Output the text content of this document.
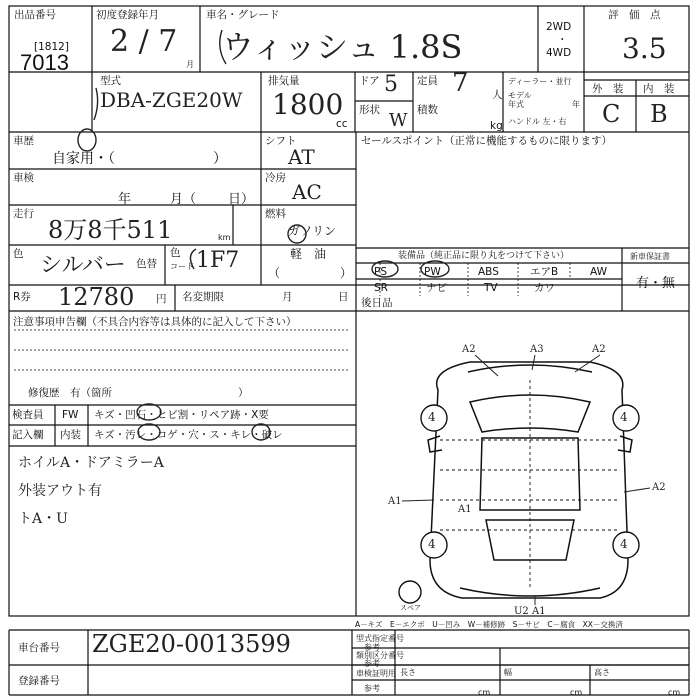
出品番号
[1812]
7013
初度登録年月
2 / 7
月
車名・グレード
ウィッシュ 1.8S
2WD
・
4WD
評　価　点
3.5
型式
DBA-ZGE20W
排気量
1800
cc
ドア 5 定員 7 人
形状 W 積数
kg
ディーラー・並行
モデル
年式	年
ハンドル 左・右
外　装 内　装
C B
車歴
自家用・（　　　　　　　）
シフト
AT
セールスポイント（正常に機能するものに限ります）
車検
年	月（ 日）
冷房
AC
走行
8万8千511	km
燃料
ガソリン
軽　油
（　　　　　）
色 シルバー 色替
色
コード 1F7	装備品（純正品に限り丸をつけて下さい）	新車保証書
有・無
PS	PW	ABS	エアB	AW
SR	ナビ	TV	カワ
R券 12780 円 名変期限	月	日 後日品
注意事項申告欄（不具合内容等は具体的に記入して下さい）
修復歴　有（箇所　　　　　　　　　　　　）
検査員
記入欄
FW キズ・凹石・ヒビ割・リペア跡・X要
内装 キズ・汚レ・コゲ・穴・ス・キレ・破レ
ホイルA・ドアミラーA
外装アウト有
トA・U
A2	A3	A2
4	4
4	4
A2
A1
A1
U2 A1
スペア
A－キズ　E－エクボ　U－凹み　W－補修跡　S－サビ　C－腐食　XX－交換済
車台番号 ZGE20-0013599
登録番号
型式指定番号
参考
類別区分番号
参考
車検証明用
参考
長さ
cm
幅
cm
高さ
cm
